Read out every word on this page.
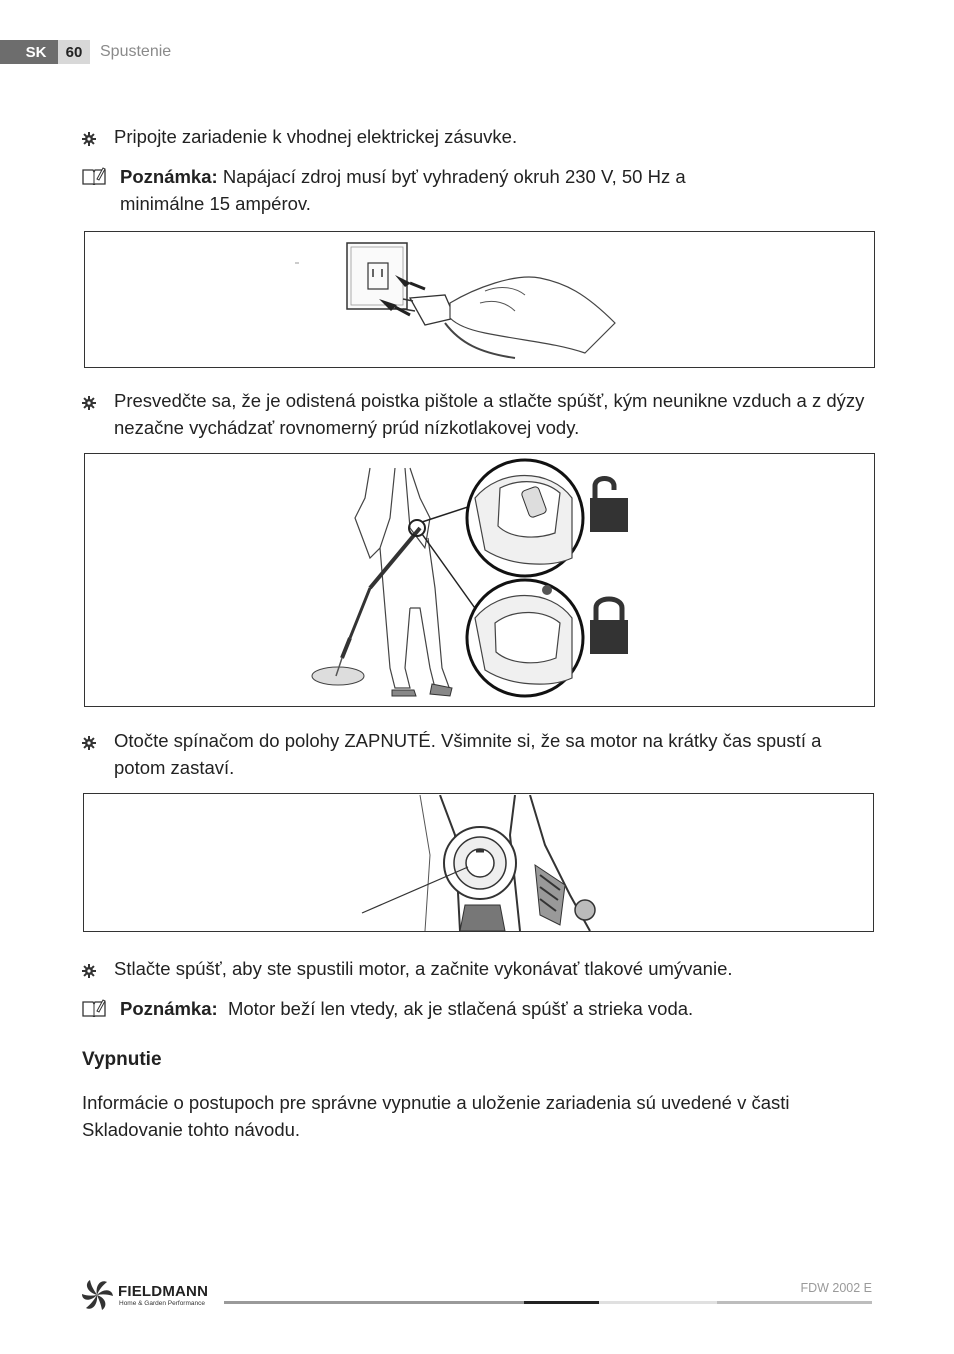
SK	60	Spustenie
Pripojte zariadenie k vhodnej elektrickej zásuvke.
Poznámka: Napájací zdroj musí byť vyhradený okruh 230 V, 50 Hz a minimálne 15 ampérov.
Presvedčte sa, že je odistená poistka pištole a stlačte spúšť, kým neunikne vzduch a z dýzy nezačne vychádzať rovnomerný prúd nízkotlakovej vody.
Otočte spínačom do polohy ZAPNUTÉ. Všimnite si, že sa motor na krátky čas spustí a potom zastaví.
Stlačte spúšť, aby ste spustili motor, a začnite vykonávať tlakové umývanie.
Poznámka: Motor beží len vtedy, ak je stlačená spúšť a strieka voda.
Vypnutie
Informácie o postupoch pre správne vypnutie a uloženie zariadenia sú uvedené v časti Skladovanie tohto návodu.
FIELDMANN
Home & Garden Performance
FDW 2002 E
